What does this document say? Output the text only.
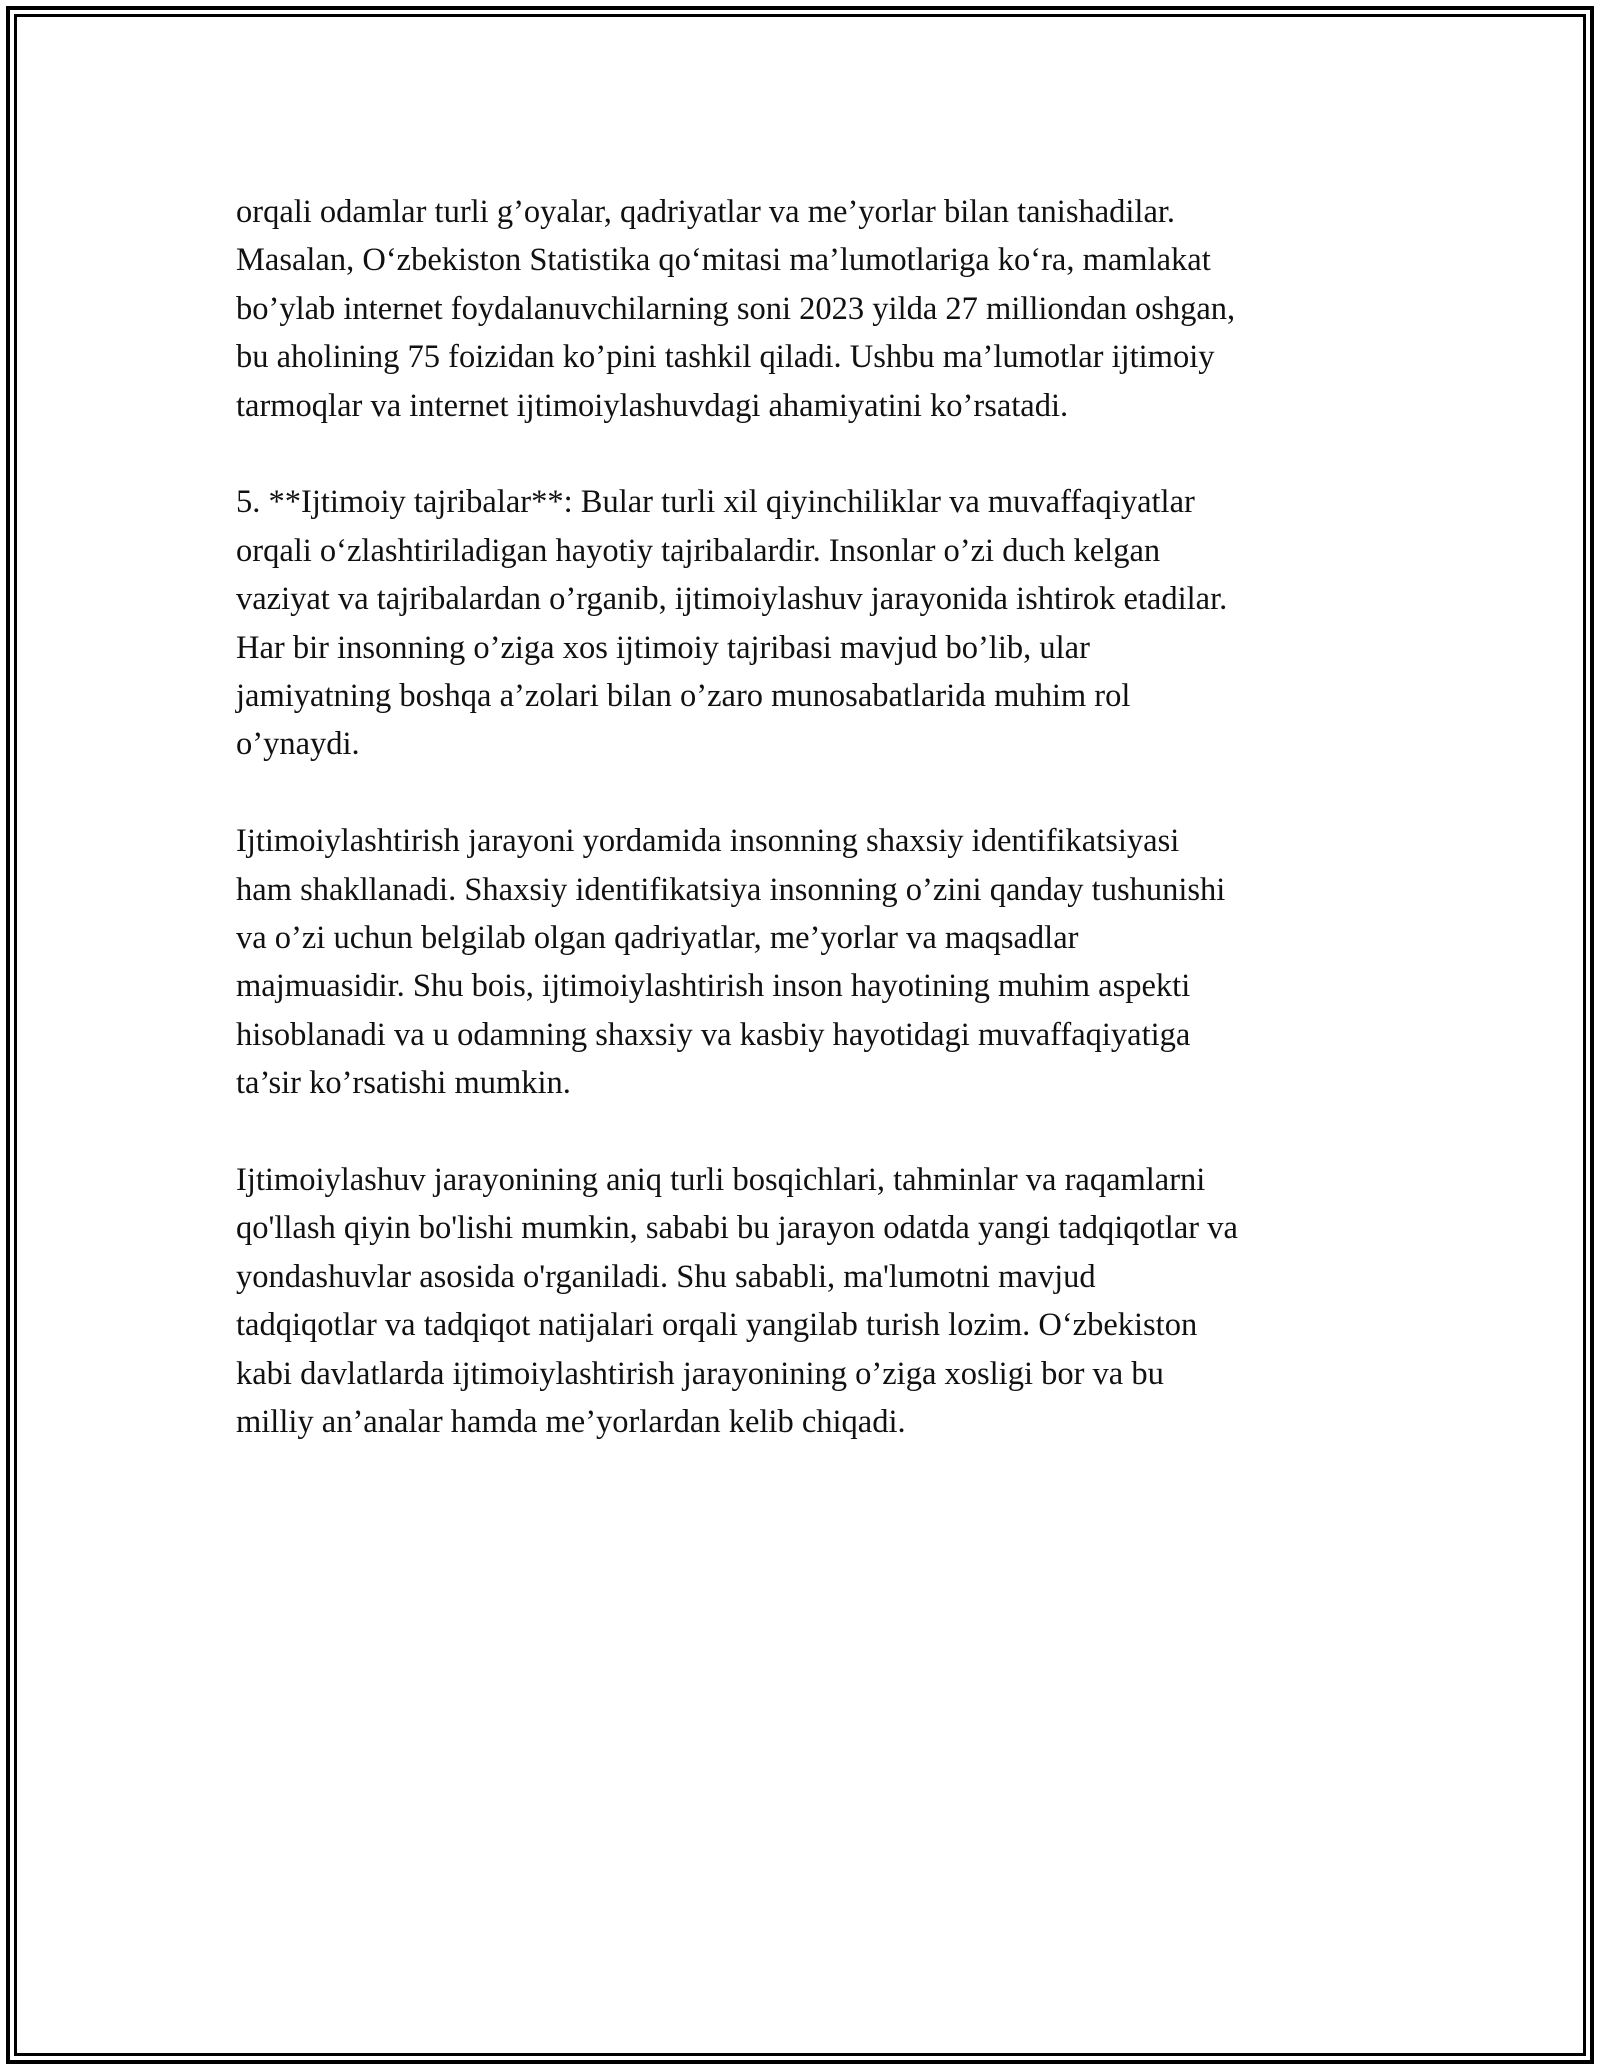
orqali odamlar turli g’oyalar, qadriyatlar va me’yorlar bilan tanishadilar.
Masalan, O‘zbekiston Statistika qo‘mitasi ma’lumotlariga ko‘ra, mamlakat
bo’ylab internet foydalanuvchilarning soni 2023 yilda 27 milliondan oshgan,
bu aholining 75 foizidan ko’pini tashkil qiladi. Ushbu ma’lumotlar ijtimoiy
tarmoqlar va internet ijtimoiylashuvdagi ahamiyatini ko’rsatadi.

5. **Ijtimoiy tajribalar**: Bular turli xil qiyinchiliklar va muvaffaqiyatlar
orqali o‘zlashtiriladigan hayotiy tajribalardir. Insonlar o’zi duch kelgan
vaziyat va tajribalardan o’rganib, ijtimoiylashuv jarayonida ishtirok etadilar.
Har bir insonning o’ziga xos ijtimoiy tajribasi mavjud bo’lib, ular
jamiyatning boshqa a’zolari bilan o’zaro munosabatlarida muhim rol
o’ynaydi.

Ijtimoiylashtirish jarayoni yordamida insonning shaxsiy identifikatsiyasi
ham shakllanadi. Shaxsiy identifikatsiya insonning o’zini qanday tushunishi
va o’zi uchun belgilab olgan qadriyatlar, me’yorlar va maqsadlar
majmuasidir. Shu bois, ijtimoiylashtirish inson hayotining muhim aspekti
hisoblanadi va u odamning shaxsiy va kasbiy hayotidagi muvaffaqiyatiga
ta’sir ko’rsatishi mumkin.

Ijtimoiylashuv jarayonining aniq turli bosqichlari, tahminlar va raqamlarni
qo'llash qiyin bo'lishi mumkin, sababi bu jarayon odatda yangi tadqiqotlar va
yondashuvlar asosida o'rganiladi. Shu sababli, ma'lumotni mavjud
tadqiqotlar va tadqiqot natijalari orqali yangilab turish lozim. O‘zbekiston
kabi davlatlarda ijtimoiylashtirish jarayonining o’ziga xosligi bor va bu
milliy an’analar hamda me’yorlardan kelib chiqadi.
